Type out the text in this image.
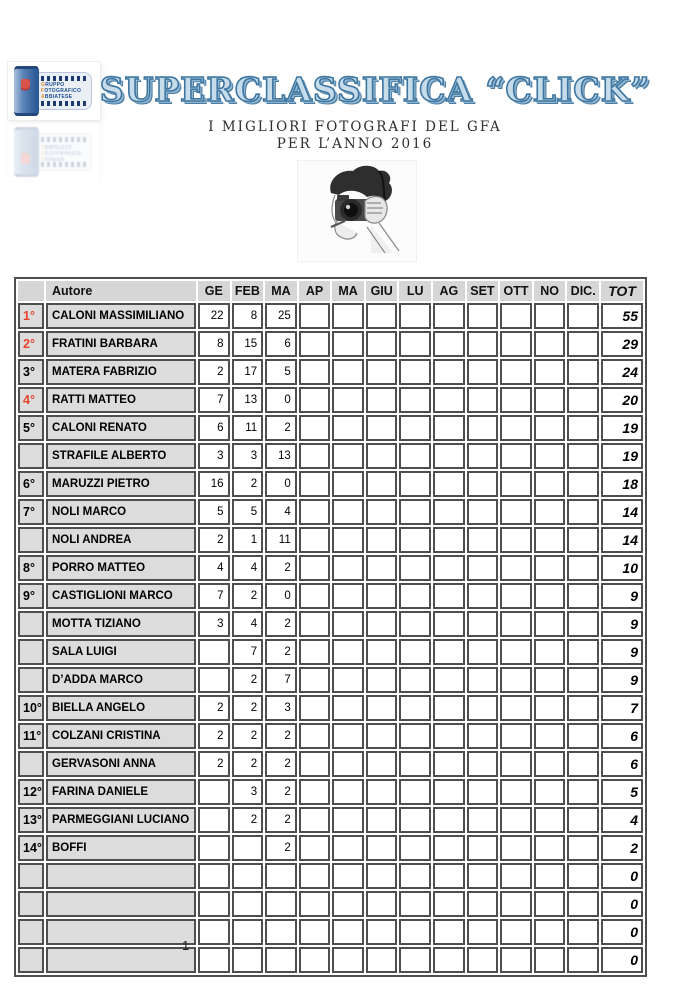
GRUPPO
FOTOGRAFICO
ABBIATESE
GRUPPO
FOTOGRAFICO
ABBIATESE
SUPERCLASSIFICA “CLICK”
I MIGLIORI FOTOGRAFI DEL GFA
PER L’ANNO 2016
	Autore	GE	FEB	MA	AP	MA	GIU	LU	AG	SET	OTT	NO	DIC.	TOT
1°	CALONI MASSIMILIANO	22	8	25										55
2°	FRATINI BARBARA	8	15	6										29
3°	MATERA FABRIZIO	2	17	5										24
4°	RATTI MATTEO	7	13	0										20
5°	CALONI RENATO	6	11	2										19
	STRAFILE ALBERTO	3	3	13										19
6°	MARUZZI PIETRO	16	2	0										18
7°	NOLI MARCO	5	5	4										14
	NOLI ANDREA	2	1	11										14
8°	PORRO MATTEO	4	4	2										10
9°	CASTIGLIONI MARCO	7	2	0										9
	MOTTA TIZIANO	3	4	2										9
	SALA LUIGI		7	2										9
	D’ADDA MARCO		2	7										9
10°	BIELLA ANGELO	2	2	3										7
11°	COLZANI CRISTINA	2	2	2										6
	GERVASONI ANNA	2	2	2										6
12°	FARINA DANIELE		3	2										5
13°	PARMEGGIANI LUCIANO		2	2										4
14°	BOFFI			2										2
														0
														0
														0
														0
1
